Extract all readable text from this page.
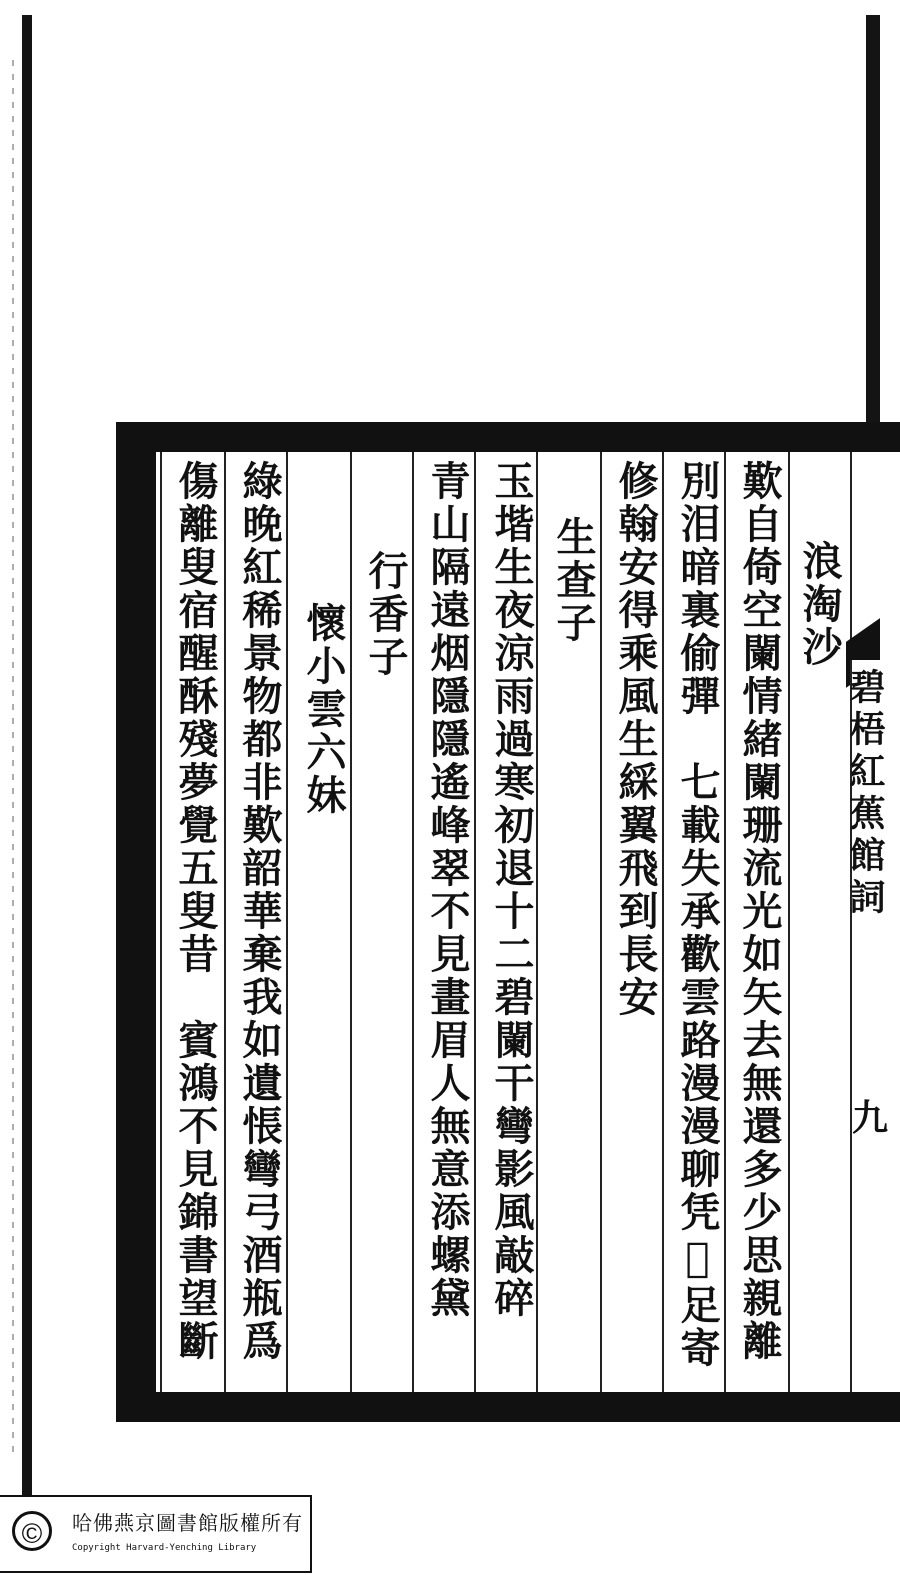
浪淘沙
歎自倚空闌情緒闌珊流光如矢去無還多少思親離
別泪暗裏偷彈　七載失承歡雲路漫漫聊凭𢧐足寄
修翰安得乘風生綵翼飛到長安
生查子
玉堦生夜涼雨過寒初退十二碧闌干彎影風敲碎
青山隔遠烟隱隱遙峰翠不見畫眉人無意添螺黛
行香子
懷小雲六妹
綠晚紅稀景物都非歎韶華棄我如遺悵彎弓酒瓶爲
傷離叟宿醒酥殘夢覺五叟昔　賓鴻不見錦書望斷	碧梧紅蕉館詞
九
©	哈佛燕京圖書館版權所有
Copyright Harvard-Yenching Library
